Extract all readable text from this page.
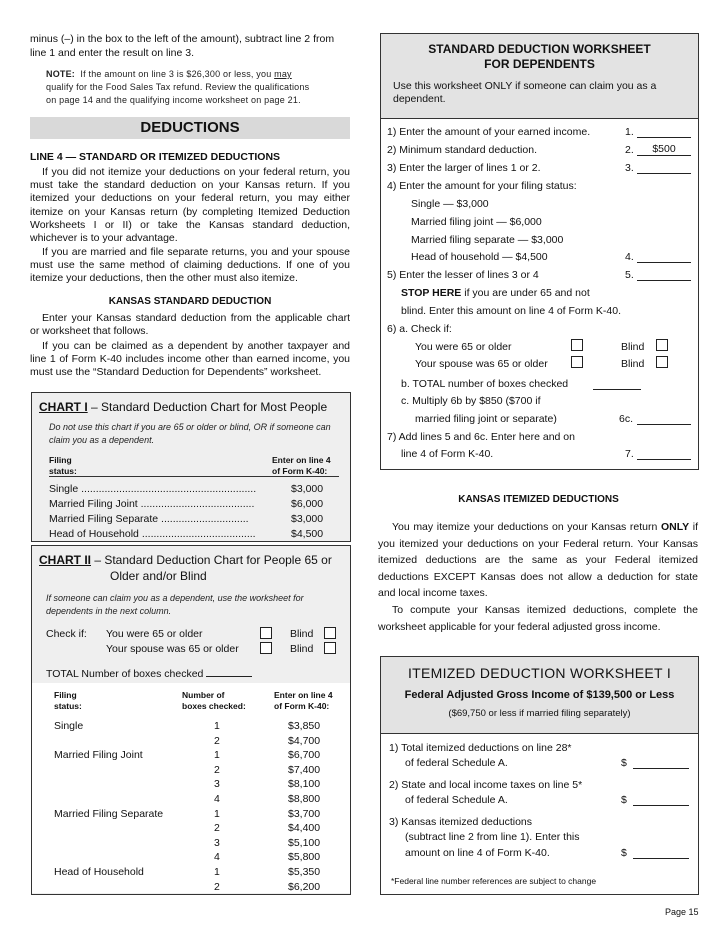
minus (–) in the box to the left of the amount), subtract line 2 from
line 1 and enter the result on line 3.
NOTE: If the amount on line 3 is $26,300 or less, you may
qualify for the Food Sales Tax refund. Review the qualifications
on page 14 and the qualifying income worksheet on page 21.
DEDUCTIONS
LINE 4 — STANDARD OR ITEMIZED DEDUCTIONS
If you did not itemize your deductions on your federal return, you must take the standard deduction on your Kansas return. If you itemized your deductions on your federal return, you may either itemize on your Kansas return (by completing Itemized Deduction Worksheets I or II) or take the Kansas standard deduction, whichever is to your advantage.
If you are married and file separate returns, you and your spouse must use the same method of claiming deductions. If one of you itemize your deductions, then the other must also itemize.
KANSAS STANDARD DEDUCTION
Enter your Kansas standard deduction from the applicable chart or worksheet that follows.
If you can be claimed as a dependent by another taxpayer and line 1 of Form K-40 includes income other than earned income, you must use the “Standard Deduction for Dependents” worksheet.
CHART I – Standard Deduction Chart for Most People
Do not use this chart if you are 65 or older or blind, OR if someone can claim you as a dependent.
Filing
status:
Enter on line 4
of Form K-40:
Single ............................................................	$3,000
Married Filing Joint .......................................	$6,000
Married Filing Separate ..............................	$3,000
Head of Household .......................................	$4,500
CHART II – Standard Deduction Chart for People 65 or
Older and/or Blind
If someone can claim you as a dependent, use the worksheet for dependents in the next column.
Check if: You were 65 or older	Blind
Your spouse was 65 or older	Blind
TOTAL Number of boxes checked
Filing
status:
Number of
boxes checked:
Enter on line 4
of Form K-40:
Single	1	$3,850
2	$4,700
Married Filing Joint	1	$6,700
2	$7,400
3	$8,100
4	$8,800
Married Filing Separate	1	$3,700
2	$4,400
3	$5,100
4	$5,800
Head of Household	1	$5,350
2	$6,200
STANDARD DEDUCTION WORKSHEET
FOR DEPENDENTS
Use this worksheet ONLY if someone can claim you as a dependent.
1) Enter the amount of your earned income.	1.
2) Minimum standard deduction.	2.	$500
3) Enter the larger of lines 1 or 2.	3.
4) Enter the amount for your filing status:
Single — $3,000
Married filing joint — $6,000
Married filing separate — $3,000
Head of household — $4,500	4.
5) Enter the lesser of lines 3 or 4	5.
STOP HERE if you are under 65 and not
blind. Enter this amount on line 4 of Form K-40.
6) a. Check if:
You were 65 or older	Blind
Your spouse was 65 or older	Blind
b. TOTAL number of boxes checked
c. Multiply 6b by $850 ($700 if
married filing joint or separate)	6c.
7) Add lines 5 and 6c. Enter here and on
line 4 of Form K-40.	7.
KANSAS ITEMIZED DEDUCTIONS
You may itemize your deductions on your Kansas return ONLY if you itemized your deductions on your Federal return. Your Kansas itemized deductions are the same as your Federal itemized deductions EXCEPT Kansas does not allow a deduction for state and local income taxes.
To compute your Kansas itemized deductions, complete the worksheet applicable for your federal adjusted gross income.
ITEMIZED DEDUCTION WORKSHEET I
Federal Adjusted Gross Income of $139,500 or Less
($69,750 or less if married filing separately)
1) Total itemized deductions on line 28*
of federal Schedule A.	$
2) State and local income taxes on line 5*
of federal Schedule A.	$
3) Kansas itemized deductions
(subtract line 2 from line 1). Enter this
amount on line 4 of Form K-40.	$
*Federal line number references are subject to change
Page 15
